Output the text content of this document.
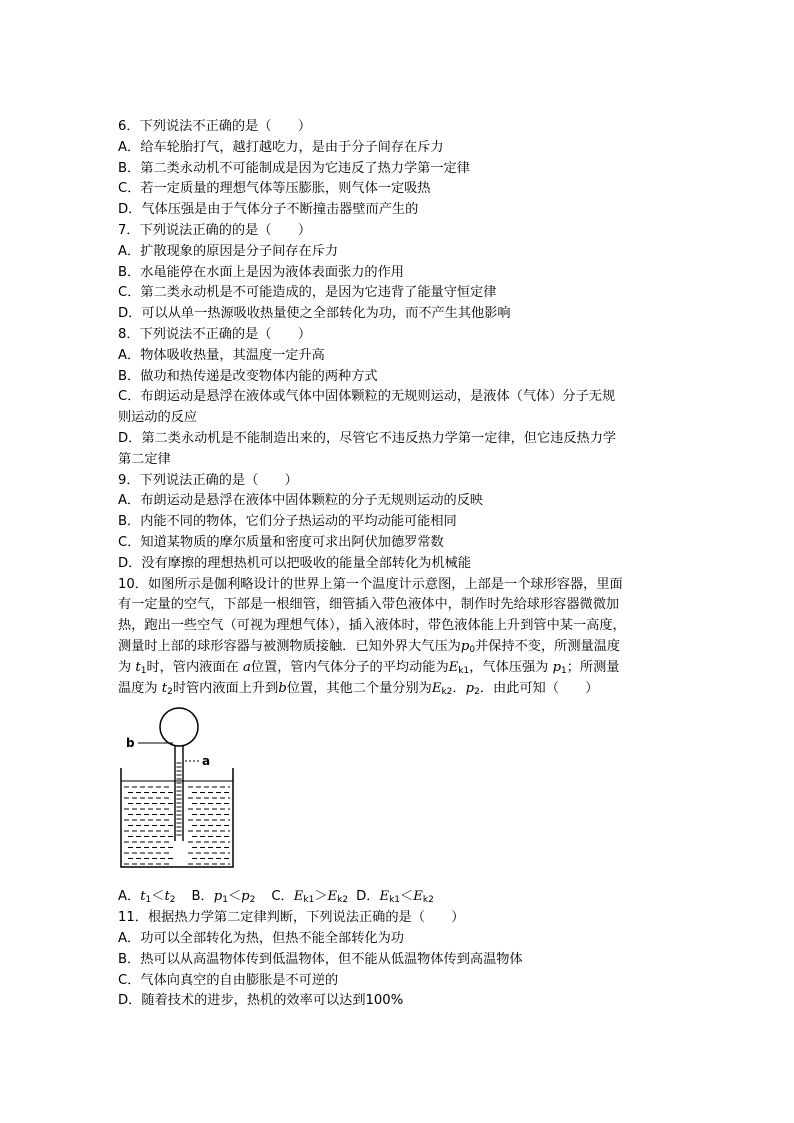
6．下列说法不正确的是（　　）
A．给车轮胎打气，越打越吃力，是由于分子间存在斥力
B．第二类永动机不可能制成是因为它违反了热力学第一定律
C．若一定质量的理想气体等压膨胀，则气体一定吸热
D．气体压强是由于气体分子不断撞击器壁而产生的
7．下列说法正确的的是（　　）
A．扩散现象的原因是分子间存在斥力
B．水黾能停在水面上是因为液体表面张力的作用
C．第二类永动机是不可能造成的，是因为它违背了能量守恒定律
D．可以从单一热源吸收热量使之全部转化为功，而不产生其他影响
8．下列说法不正确的是（　　）
A．物体吸收热量，其温度一定升高
B．做功和热传递是改变物体内能的两种方式
C．布朗运动是悬浮在液体或气体中固体颗粒的无规则运动，是液体（气体）分子无规
则运动的反应
D．第二类永动机是不能制造出来的，尽管它不违反热力学第一定律，但它违反热力学
第二定律
9．下列说法正确的是（　　）
A．布朗运动是悬浮在液体中固体颗粒的分子无规则运动的反映
B．内能不同的物体，它们分子热运动的平均动能可能相同
C．知道某物质的摩尔质量和密度可求出阿伏加德罗常数
D．没有摩擦的理想热机可以把吸收的能量全部转化为机械能
10．如图所示是伽利略设计的世界上第一个温度计示意图，上部是一个球形容器，里面
有一定量的空气，下部是一根细管，细管插入带色液体中，制作时先给球形容器微微加
热，跑出一些空气（可视为理想气体），插入液体时，带色液体能上升到管中某一高度，
测量时上部的球形容器与被测物质接触．已知外界大气压为$p_0$并保持不变，所测量温度
为 $t_1$时，管内液面在 a位置，管内气体分子的平均动能为$E_{k1}$，气体压强为 $p_1$；所测量
温度为 $t_2$时管内液面上升到b位置，其他二个量分别为$E_{k2}$．$p_2$．由此可知（　　）
b
a
A．$t_1<t_2$ B．$p_1<p_2$ C．$E_{k1}>E_{k2}$ D．$E_{k1}<E_{k2}$
11．根据热力学第二定律判断，下列说法正确的是（　　）
A．功可以全部转化为热，但热不能全部转化为功
B．热可以从高温物体传到低温物体，但不能从低温物体传到高温物体
C．气体向真空的自由膨胀是不可逆的
D．随着技术的进步，热机的效率可以达到100%
